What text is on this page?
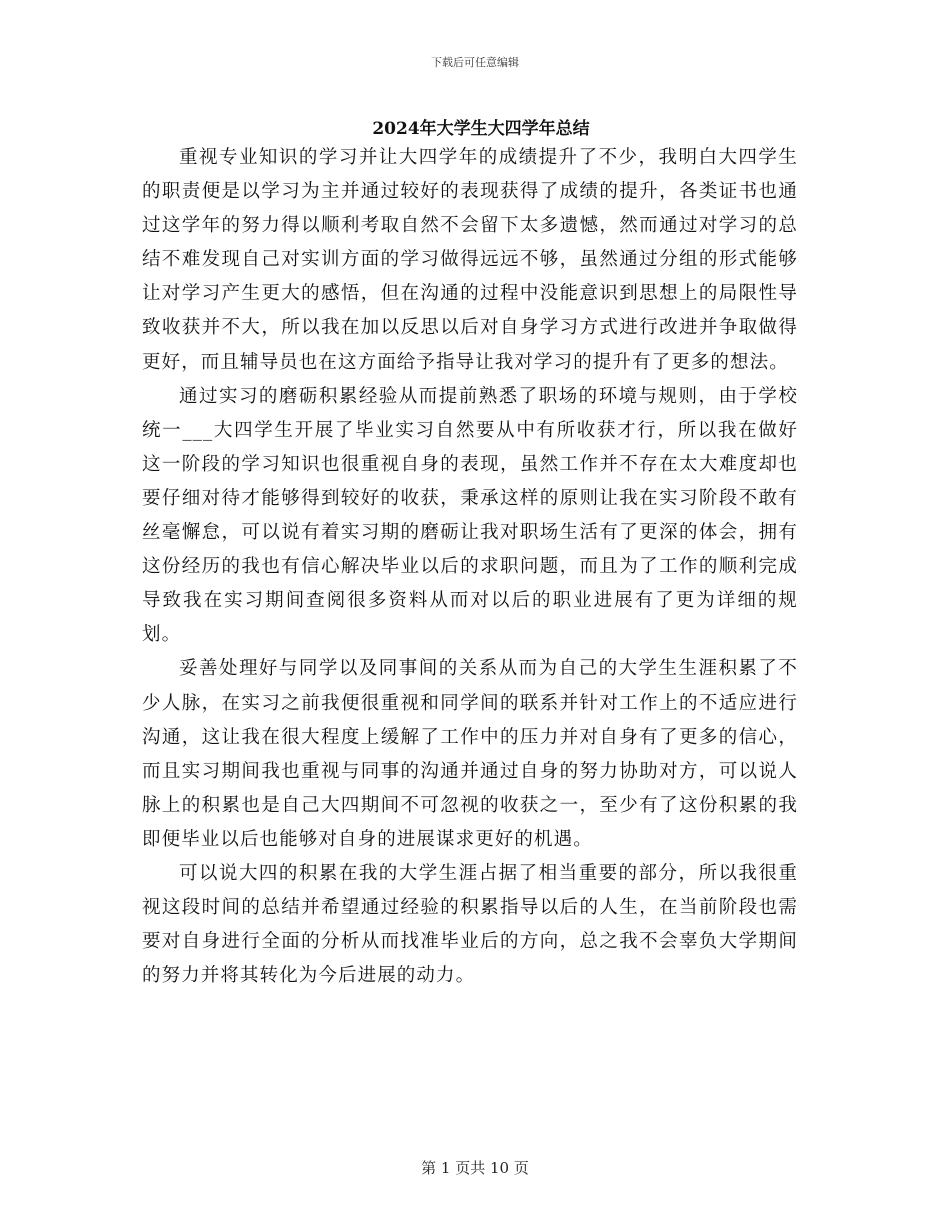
下载后可任意编辑
2024年大学生大四学年总结

重视专业知识的学习并让大四学年的成绩提升了不少，我明白大四学生的职责便是以学习为主并通过较好的表现获得了成绩的提升，各类证书也通过这学年的努力得以顺利考取自然不会留下太多遗憾，然而通过对学习的总结不难发现自己对实训方面的学习做得远远不够，虽然通过分组的形式能够让对学习产生更大的感悟，但在沟通的过程中没能意识到思想上的局限性导致收获并不大，所以我在加以反思以后对自身学习方式进行改进并争取做得更好，而且辅导员也在这方面给予指导让我对学习的提升有了更多的想法。

通过实习的磨砺积累经验从而提前熟悉了职场的环境与规则，由于学校统一___大四学生开展了毕业实习自然要从中有所收获才行，所以我在做好这一阶段的学习知识也很重视自身的表现，虽然工作并不存在太大难度却也要仔细对待才能够得到较好的收获，秉承这样的原则让我在实习阶段不敢有丝毫懈怠，可以说有着实习期的磨砺让我对职场生活有了更深的体会，拥有这份经历的我也有信心解决毕业以后的求职问题，而且为了工作的顺利完成导致我在实习期间查阅很多资料从而对以后的职业进展有了更为详细的规划。

妥善处理好与同学以及同事间的关系从而为自己的大学生生涯积累了不少人脉，在实习之前我便很重视和同学间的联系并针对工作上的不适应进行沟通，这让我在很大程度上缓解了工作中的压力并对自身有了更多的信心，而且实习期间我也重视与同事的沟通并通过自身的努力协助对方，可以说人脉上的积累也是自己大四期间不可忽视的收获之一，至少有了这份积累的我即便毕业以后也能够对自身的进展谋求更好的机遇。

可以说大四的积累在我的大学生涯占据了相当重要的部分，所以我很重视这段时间的总结并希望通过经验的积累指导以后的人生，在当前阶段也需要对自身进行全面的分析从而找准毕业后的方向，总之我不会辜负大学期间的努力并将其转化为今后进展的动力。

第 1 页共 10 页
